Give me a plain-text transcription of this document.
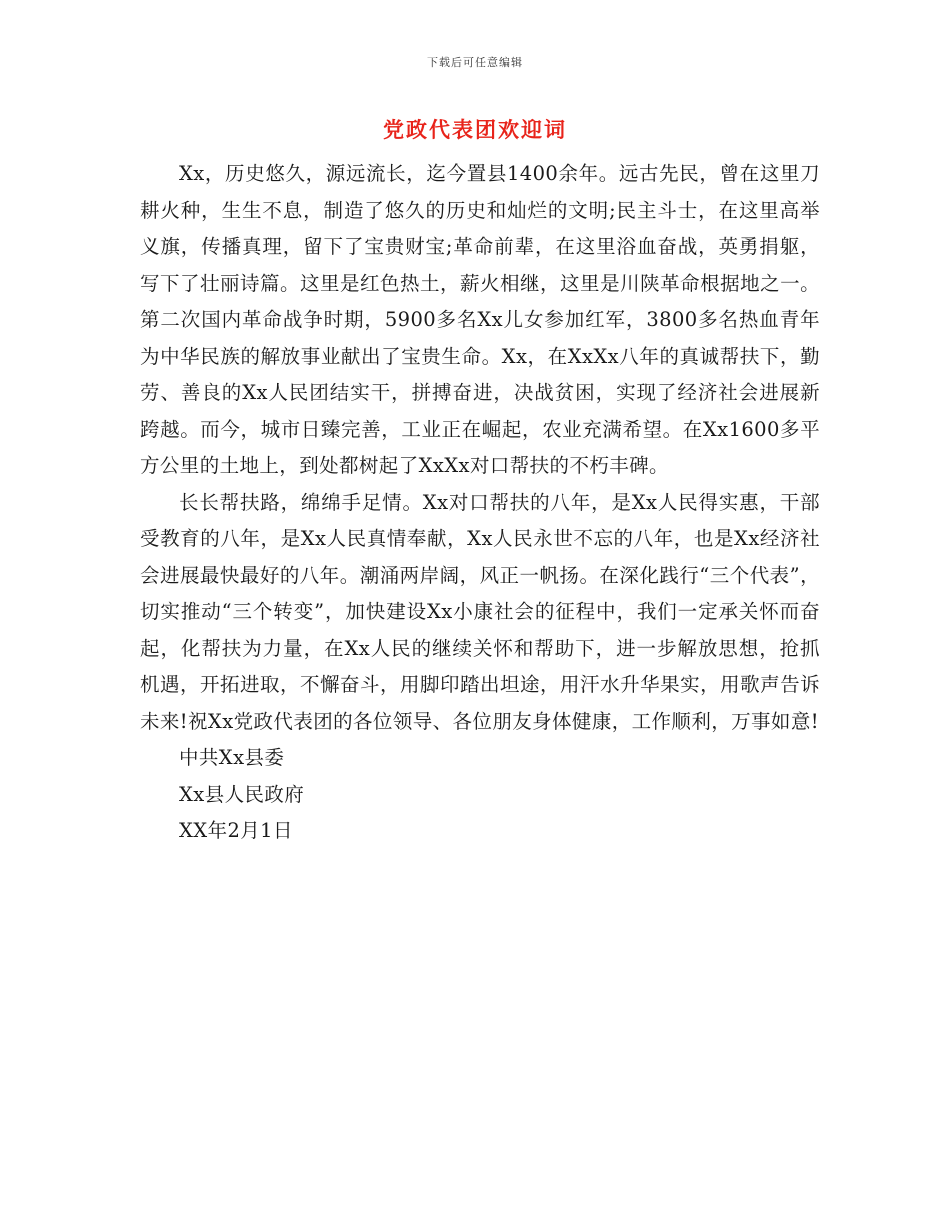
下载后可任意编辑
党政代表团欢迎词

Xx，历史悠久，源远流长，迄今置县1400余年。远古先民，曾在这里刀耕火种，生生不息，制造了悠久的历史和灿烂的文明;民主斗士，在这里高举义旗，传播真理，留下了宝贵财宝;革命前辈，在这里浴血奋战，英勇捐躯，写下了壮丽诗篇。这里是红色热土，薪火相继，这里是川陕革命根据地之一。第二次国内革命战争时期，5900多名Xx儿女参加红军，3800多名热血青年为中华民族的解放事业献出了宝贵生命。Xx，在XxXx八年的真诚帮扶下，勤劳、善良的Xx人民团结实干，拼搏奋进，决战贫困，实现了经济社会进展新跨越。而今，城市日臻完善，工业正在崛起，农业充满希望。在Xx1600多平方公里的土地上，到处都树起了XxXx对口帮扶的不朽丰碑。

长长帮扶路，绵绵手足情。Xx对口帮扶的八年，是Xx人民得实惠，干部受教育的八年，是Xx人民真情奉献，Xx人民永世不忘的八年，也是Xx经济社会进展最快最好的八年。潮涌两岸阔，风正一帆扬。在深化践行“三个代表”，切实推动“三个转变”，加快建设Xx小康社会的征程中，我们一定承关怀而奋起，化帮扶为力量，在Xx人民的继续关怀和帮助下，进一步解放思想，抢抓机遇，开拓进取，不懈奋斗，用脚印踏出坦途，用汗水升华果实，用歌声告诉未来!祝Xx党政代表团的各位领导、各位朋友身体健康，工作顺利，万事如意!

中共Xx县委

Xx县人民政府

XX年2月1日
